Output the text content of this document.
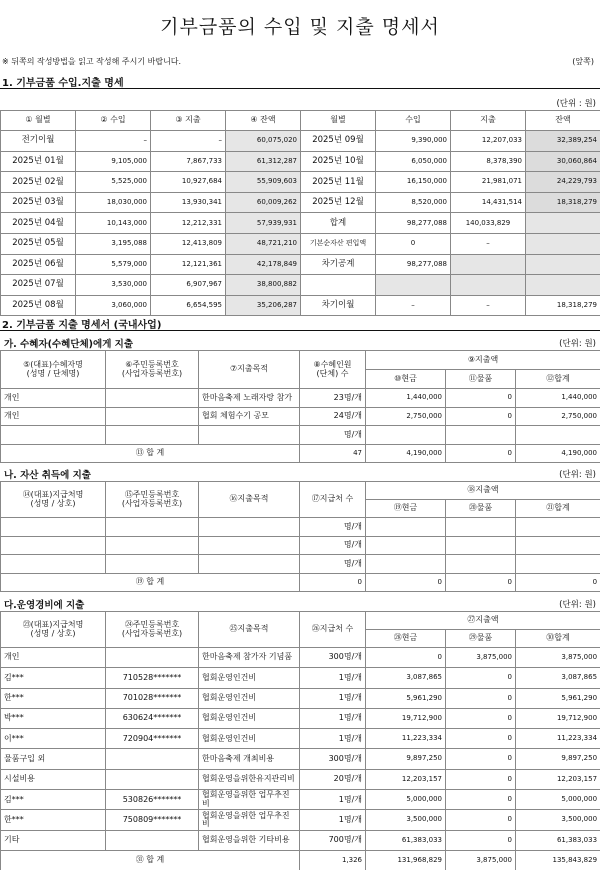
기부금품의 수입 및 지출 명세서
※ 뒤쪽의 작성방법을 읽고 작성해 주시기 바랍니다.	(앞쪽)
1. 기부금품 수입.지출 명세
(단위 : 원)
① 월별	② 수입	③ 지출	④ 잔액	월별	수입	지출	잔액
전기이월	–	–	60,075,020	2025년 09월	9,390,000	12,207,033	32,389,254
2025년 01월	9,105,000	7,867,733	61,312,287	2025년 10월	6,050,000	8,378,390	30,060,864
2025년 02월	5,525,000	10,927,684	55,909,603	2025년 11월	16,150,000	21,981,071	24,229,793
2025년 03월	18,030,000	13,930,341	60,009,262	2025년 12월	8,520,000	14,431,514	18,318,279
2025년 04월	10,143,000	12,212,331	57,939,931	합계	98,277,088	140,033,829	
2025년 05월	3,195,088	12,413,809	48,721,210	기본순자산 편입액	0	–	
2025년 06월	5,579,000	12,121,361	42,178,849	차기공계	98,277,088		
2025년 07월	3,530,000	6,907,967	38,800,882				
2025년 08월	3,060,000	6,654,595	35,206,287	차기이월	–	–	18,318,279
2. 기부금품 지출 명세서 (국내사업)
가. 수혜자(수혜단체)에게 지출	(단위: 원)
⑤(대표)수혜자명
(성명 / 단체명)	⑥주민등록번호
(사업자등록번호)	⑦지출목적	⑧수혜인원
(단체) 수	⑨지출액		
				⑩현금	⑪물품	⑫합계
개인		한마음축제 노래자랑 참가	23명/개	1,440,000	0	1,440,000
개인		협회 체험수기 공모	24명/개	2,750,000	0	2,750,000
			명/개			
⑬ 합 계			47	4,190,000	0	4,190,000
나. 자산 취득에 지출	(단위: 원)
⑭(대표)지급처명
(성명 / 상호)	⑮주민등록번호
(사업자등록번호)	⑯지출목적	⑰지급처 수	⑱지출액		
				⑲현금	⑳물품	㉑합계
			명/개			
			명/개			
			명/개			
⑲ 합 계			0	0	0	0
다.운영경비에 지출	(단위: 원)
㉓(대표)지급처명
(성명 / 상호)	㉔주민등록번호
(사업자등록번호)	㉕지출목적	㉖지급처 수	㉗지출액		
				㉘현금	㉙물품	㉚합계
개인		한마음축제 참가자 기념품	300명/개	0	3,875,000	3,875,000
김***	710528*******	협회운영인건비	1명/개	3,087,865	0	3,087,865
한***	701028*******	협회운영인건비	1명/개	5,961,290	0	5,961,290
박***	630624*******	협회운영인건비	1명/개	19,712,900	0	19,712,900
이***	720904*******	협회운영인건비	1명/개	11,223,334	0	11,223,334
물품구입 외		한마음축제 개최비용	300명/개	9,897,250	0	9,897,250
시설비용		협회운영을위한유지관리비	20명/개	12,203,157	0	12,203,157
김***	530826*******	협회운영을위한 업무추진비	1명/개	5,000,000	0	5,000,000
한***	750809*******	협회운영을위한 업무추진비	1명/개	3,500,000	0	3,500,000
기타		협회운영을위한 기타비용	700명/개	61,383,033	0	61,383,033
㉛ 합 계			1,326	131,968,829	3,875,000	135,843,829
